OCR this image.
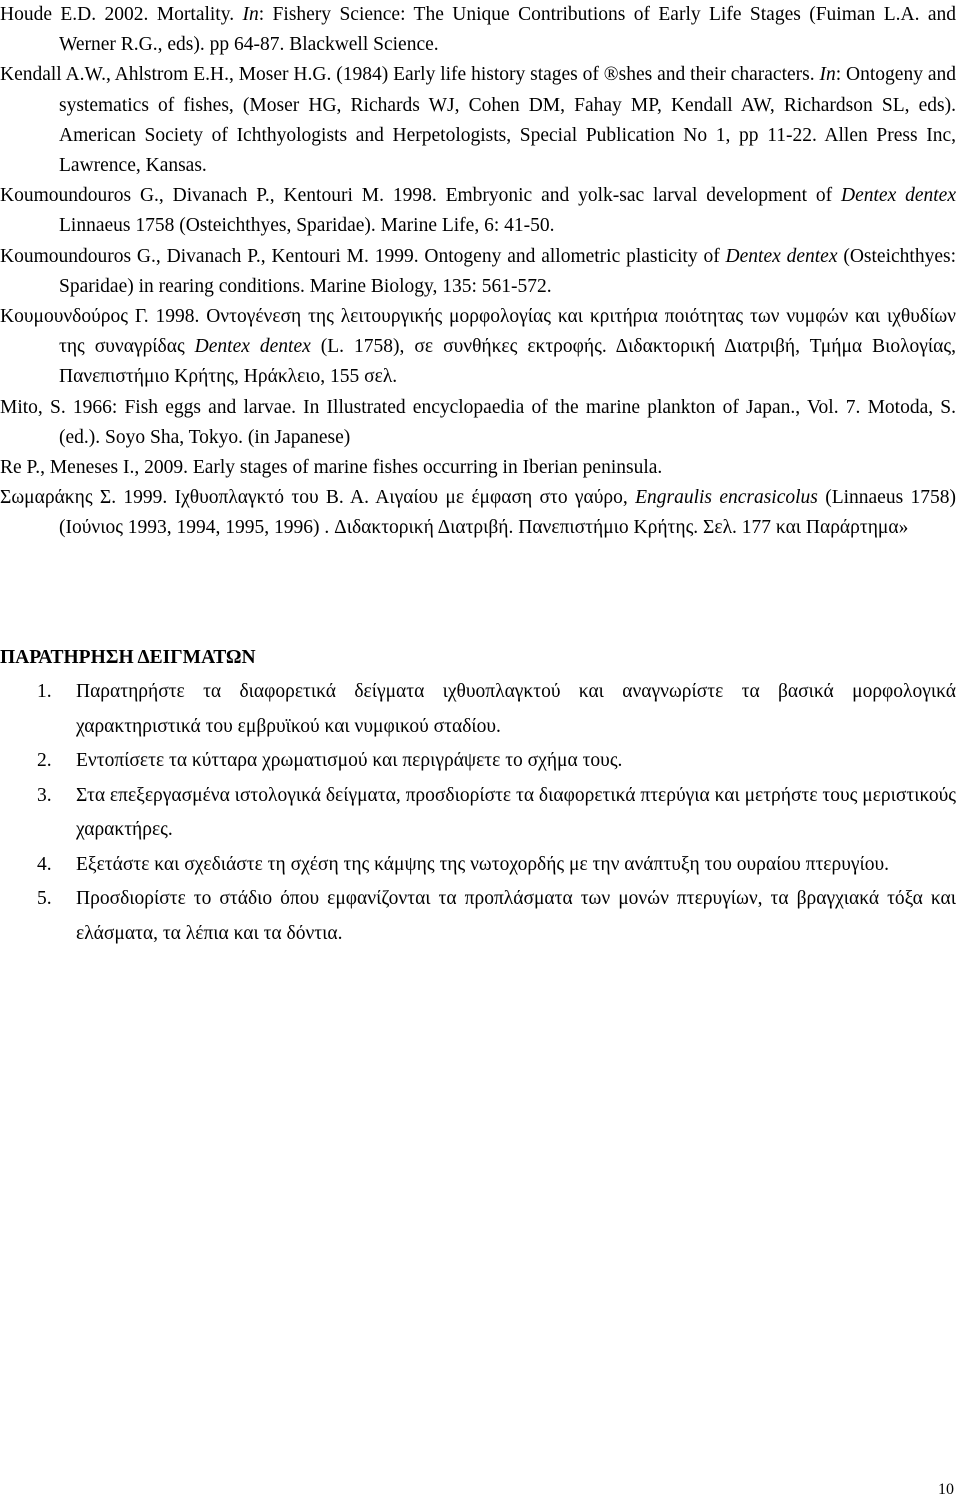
Houde E.D. 2002. Mortality. In: Fishery Science: The Unique Contributions of Early Life Stages (Fuiman L.A. and Werner R.G., eds). pp 64-87. Blackwell Science.

Kendall A.W., Ahlstrom E.H., Moser H.G. (1984) Early life history stages of ®shes and their characters. In: Ontogeny and systematics of fishes, (Moser HG, Richards WJ, Cohen DM, Fahay MP, Kendall AW, Richardson SL, eds). American Society of Ichthyologists and Herpetologists, Special Publication No 1, pp 11-22. Allen Press Inc, Lawrence, Kansas.

Koumoundouros G., Divanach P., Kentouri M. 1998. Embryonic and yolk-sac larval development of Dentex dentex Linnaeus 1758 (Osteichthyes, Sparidae). Marine Life, 6: 41-50.

Koumoundouros G., Divanach P., Kentouri M. 1999. Ontogeny and allometric plasticity of Dentex dentex (Osteichthyes: Sparidae) in rearing conditions. Marine Biology, 135: 561-572.

Κουμουνδούρος Γ. 1998. Οντογένεση της λειτουργικής μορφολογίας και κριτήρια ποιότητας των νυμφών και ιχθυδίων της συναγρίδας Dentex dentex (L. 1758), σε συνθήκες εκτροφής. Διδακτορική Διατριβή, Τμήμα Βιολογίας, Πανεπιστήμιο Κρήτης, Ηράκλειο, 155 σελ.

Mito, S. 1966: Fish eggs and larvae. In Illustrated encyclopaedia of the marine plankton of Japan., Vol. 7. Motoda, S. (ed.). Soyo Sha, Tokyo. (in Japanese)

Re P., Meneses I., 2009. Early stages of marine fishes occurring in Iberian peninsula.

Σωμαράκης Σ. 1999. Ιχθυοπλαγκτό του Β. Α. Αιγαίου με έμφαση στο γαύρο, Engraulis encrasicolus (Linnaeus 1758) (Ιούνιος 1993, 1994, 1995, 1996) . Διδακτορική Διατριβή. Πανεπιστήμιο Κρήτης. Σελ. 177 και Παράρτημα»

ΠΑΡΑΤΗΡΗΣΗ ΔΕΙΓΜΑΤΩΝ
1. Παρατηρήστε τα διαφορετικά δείγματα ιχθυοπλαγκτού και αναγνωρίστε τα βασικά μορφολογικά χαρακτηριστικά του εμβρυϊκού και νυμφικού σταδίου.
2. Εντοπίσετε τα κύτταρα χρωματισμού και περιγράψετε το σχήμα τους.
3. Στα επεξεργασμένα ιστολογικά δείγματα, προσδιορίστε τα διαφορετικά πτερύγια και μετρήστε τους μεριστικούς χαρακτήρες.
4. Εξετάστε και σχεδιάστε τη σχέση της κάμψης της νωτοχορδής με την ανάπτυξη του ουραίου πτερυγίου.
5. Προσδιορίστε το στάδιο όπου εμφανίζονται τα προπλάσματα των μονών πτερυγίων, τα βραγχιακά τόξα και ελάσματα, τα λέπια και τα δόντια.
10
